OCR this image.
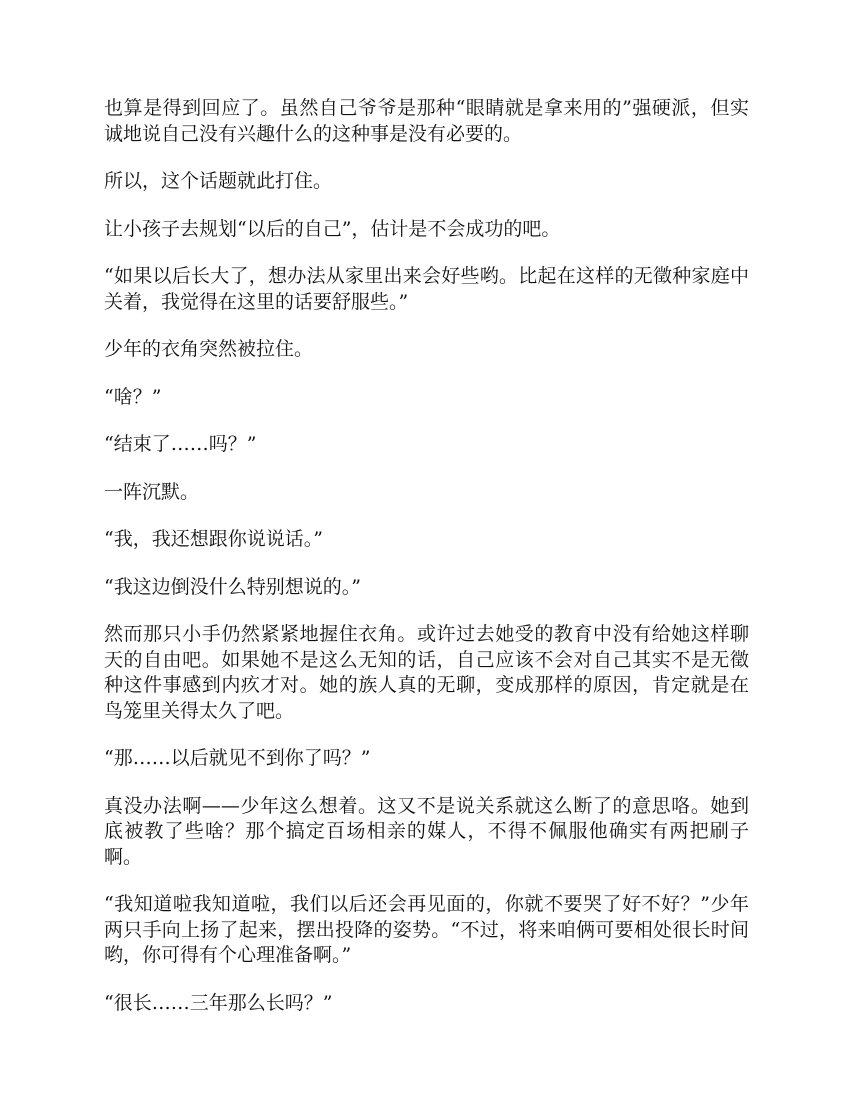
也算是得到回应了。虽然自己爷爷是那种“眼睛就是拿来用的”强硬派，但实诚地说自己没有兴趣什么的这种事是没有必要的。

所以，这个话题就此打住。

让小孩子去规划“以后的自己”，估计是不会成功的吧。

“如果以后长大了，想办法从家里出来会好些哟。比起在这样的无徵种家庭中关着，我觉得在这里的话要舒服些。”

少年的衣角突然被拉住。

“啥？”

“结束了……吗？”

一阵沉默。

“我，我还想跟你说说话。”

“我这边倒没什么特别想说的。”

然而那只小手仍然紧紧地握住衣角。或许过去她受的教育中没有给她这样聊天的自由吧。如果她不是这么无知的话，自己应该不会对自己其实不是无徵种这件事感到内疚才对。她的族人真的无聊，变成那样的原因，肯定就是在鸟笼里关得太久了吧。

“那……以后就见不到你了吗？”

真没办法啊——少年这么想着。这又不是说关系就这么断了的意思咯。她到底被教了些啥？那个搞定百场相亲的媒人，不得不佩服他确实有两把刷子啊。

“我知道啦我知道啦，我们以后还会再见面的，你就不要哭了好不好？”少年两只手向上扬了起来，摆出投降的姿势。“不过，将来咱俩可要相处很长时间哟，你可得有个心理准备啊。”

“很长……三年那么长吗？”
